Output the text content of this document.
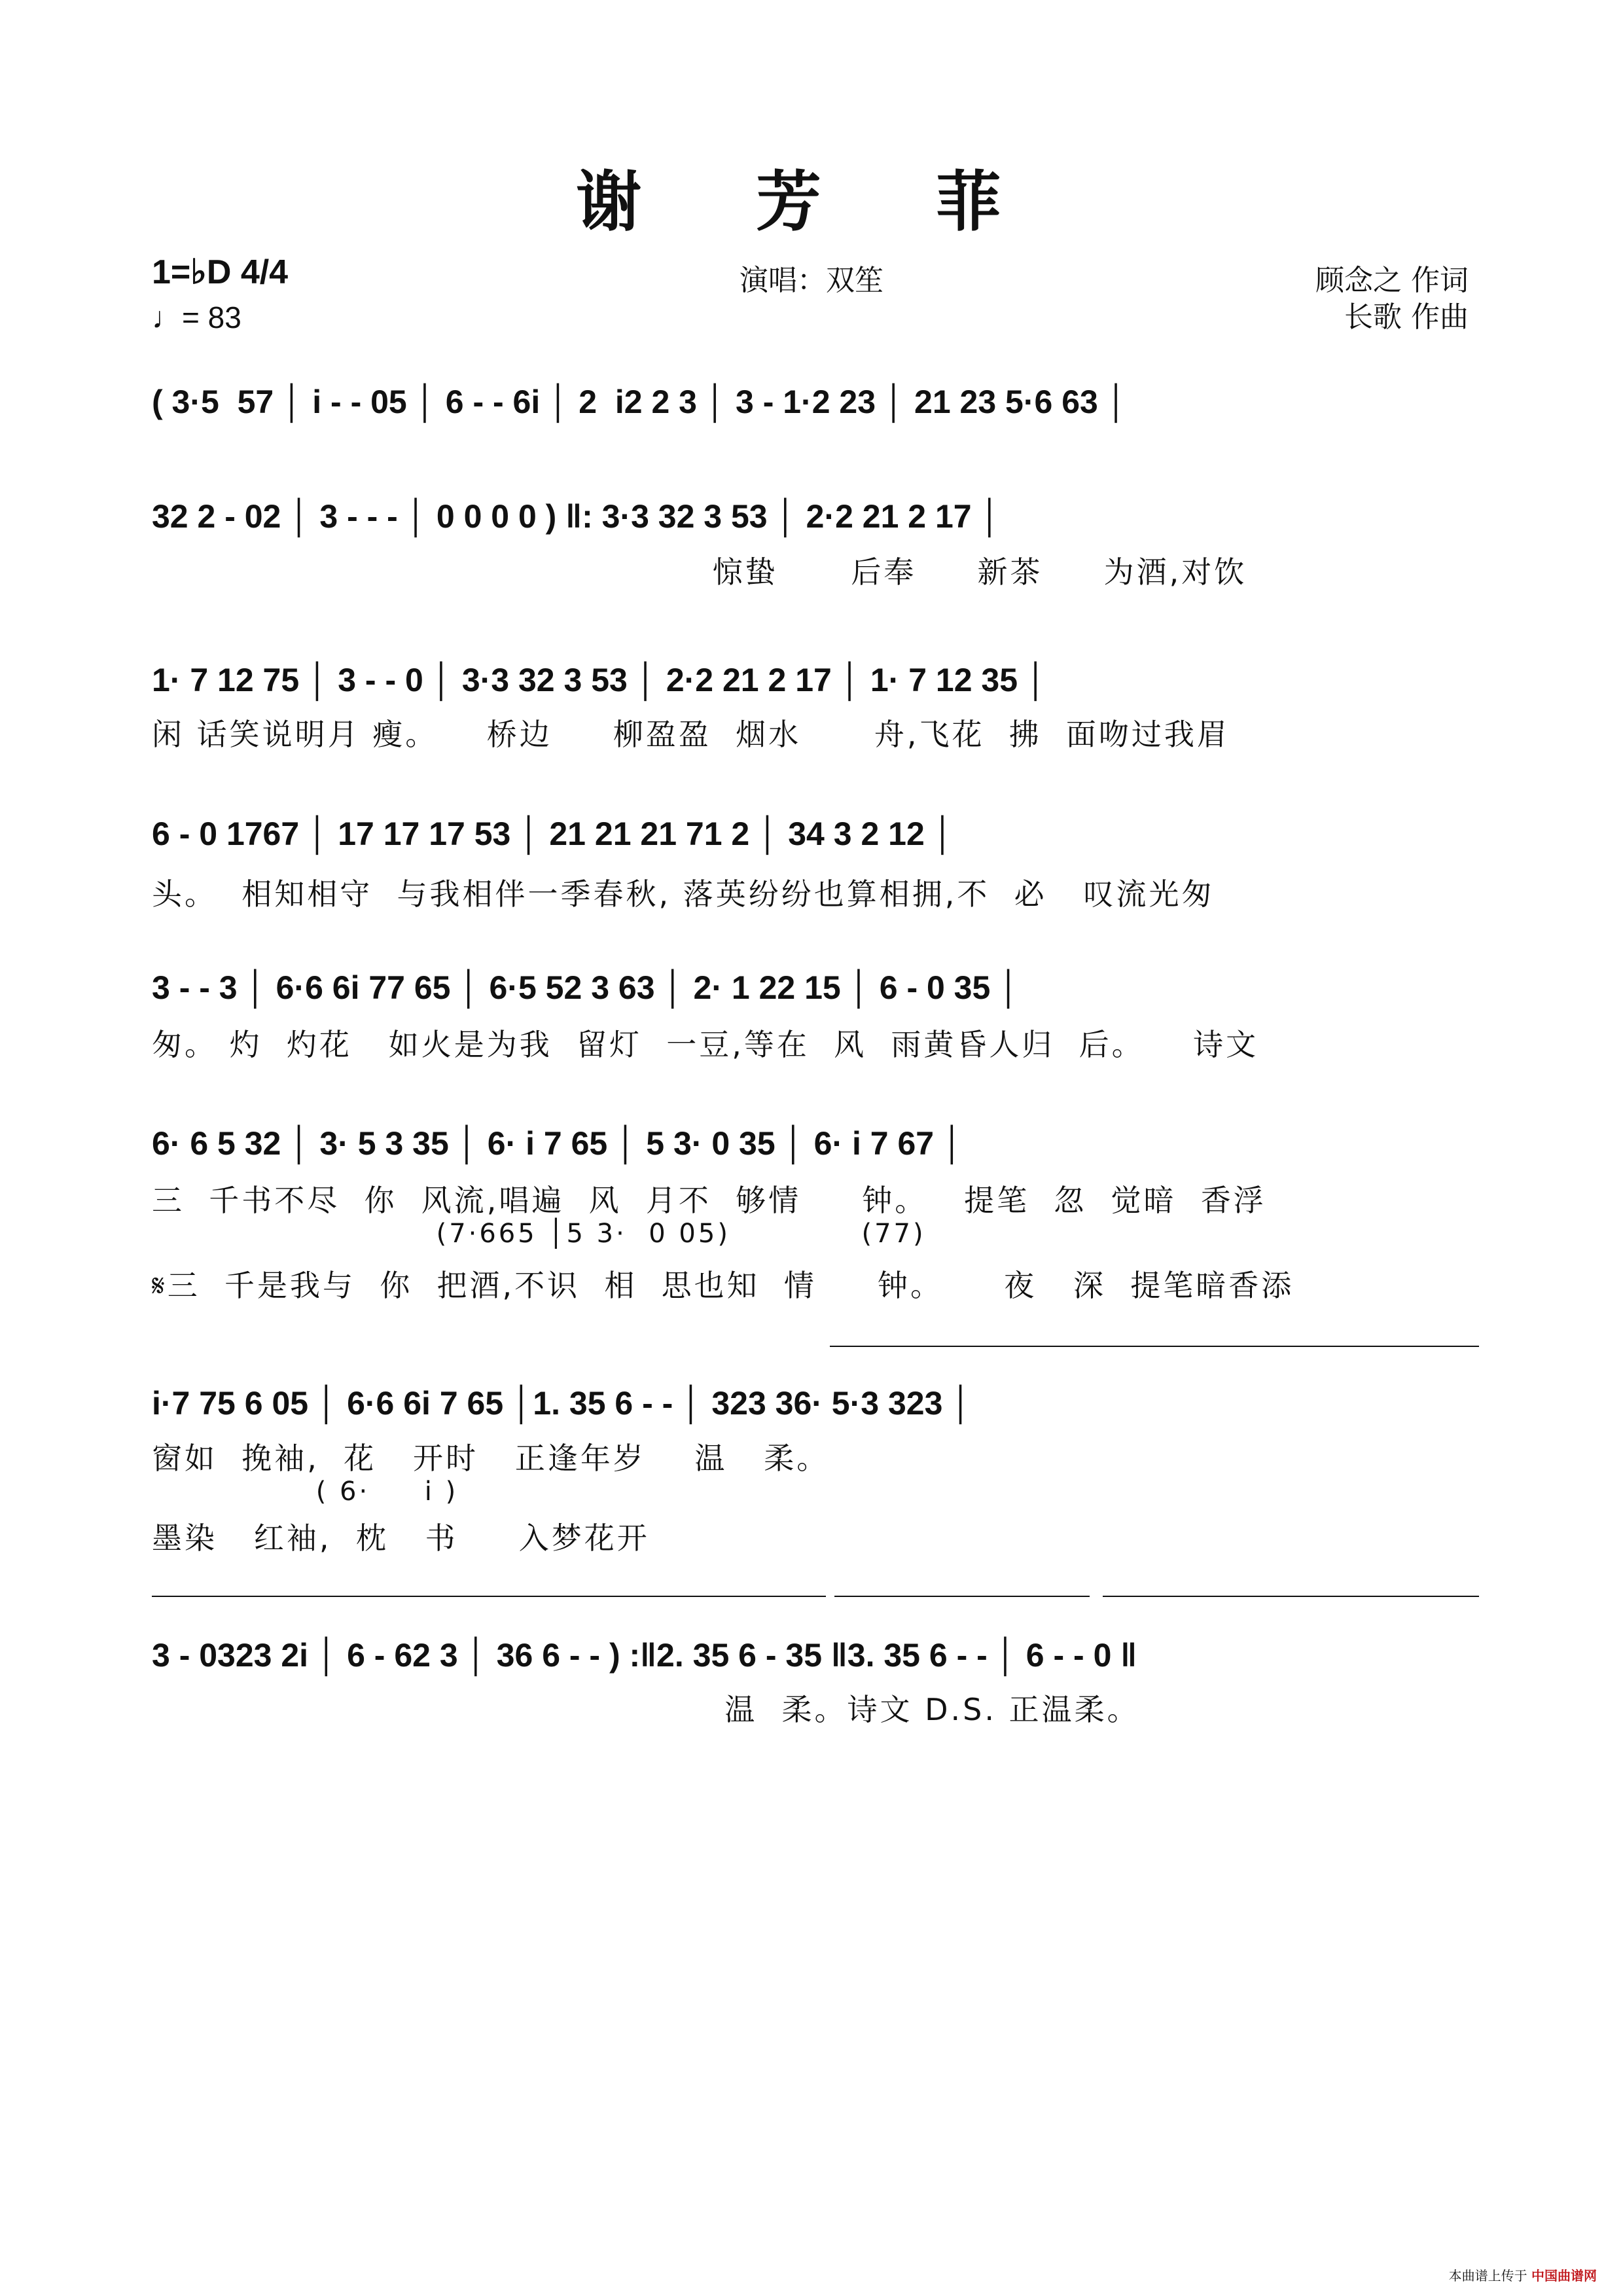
谢 芳 菲
1=♭D 4/4
♩= 83
演唱：双笙	顾念之 作词
长歌 作曲
( 3·5  57 │ i - - 05 │ 6 - - 6i │ 2  i2 2 3 │ 3 - 1·2 23 │ 21 23 5·6 63 │
32 2 - 02 │ 3 - - - │ 0 0 0 0 ) ‖: 3·3 32 3 53 │ 2·2 21 2 17 │
惊蛰      后奉     新茶     为酒,对饮
1· 7 12 75 │ 3 - - 0 │ 3·3 32 3 53 │ 2·2 21 2 17 │ 1· 7 12 35 │
闲 话笑说明月 瘦。    桥边     柳盈盈  烟水      舟,飞花  拂  面吻过我眉
6 - 0 1767 │ 17 17 17 53 │ 21 21 21 71 2 │ 34 3 2 12 │
头。  相知相守  与我相伴一季春秋, 落英纷纷也算相拥,不  必   叹流光匆
3 - - 3 │ 6·6 6i 77 65 │ 6·5 52 3 63 │ 2· 1 22 15 │ 6 - 0 35 │
匆。 灼  灼花   如火是为我  留灯  一豆,等在  风  雨黄昏人归  后。    诗文
6· 6 5 32 │ 3· 5 3 35 │ 6· i 7 65 │ 5 3· 0 35 │ 6· i 7 67 │
三  千书不尽  你  风流,唱遍  风  月不  够情     钟。   提笔  忽  觉暗  香浮
(7·665 │5 3·  0 05)            (77)
𝄋三  千是我与  你  把酒,不识  相  思也知  情     钟。     夜   深  提笔暗香添
i·7 75 6 05 │ 6·6 6i 7 65 │1. 35 6 - - │ 323 36· 5·3 323 │
窗如  挽袖,  花   开时   正逢年岁    温   柔。
( 6·     i )
墨染   红袖,  枕   书     入梦花开
3 - 0323 2i │ 6 - 62 3 │ 36 6 - - ) :‖2. 35 6 - 35 ‖3. 35 6 - - │ 6 - - 0 ‖
温  柔。诗文 D.S. 正温柔。
本曲谱上传于 中国曲谱网
